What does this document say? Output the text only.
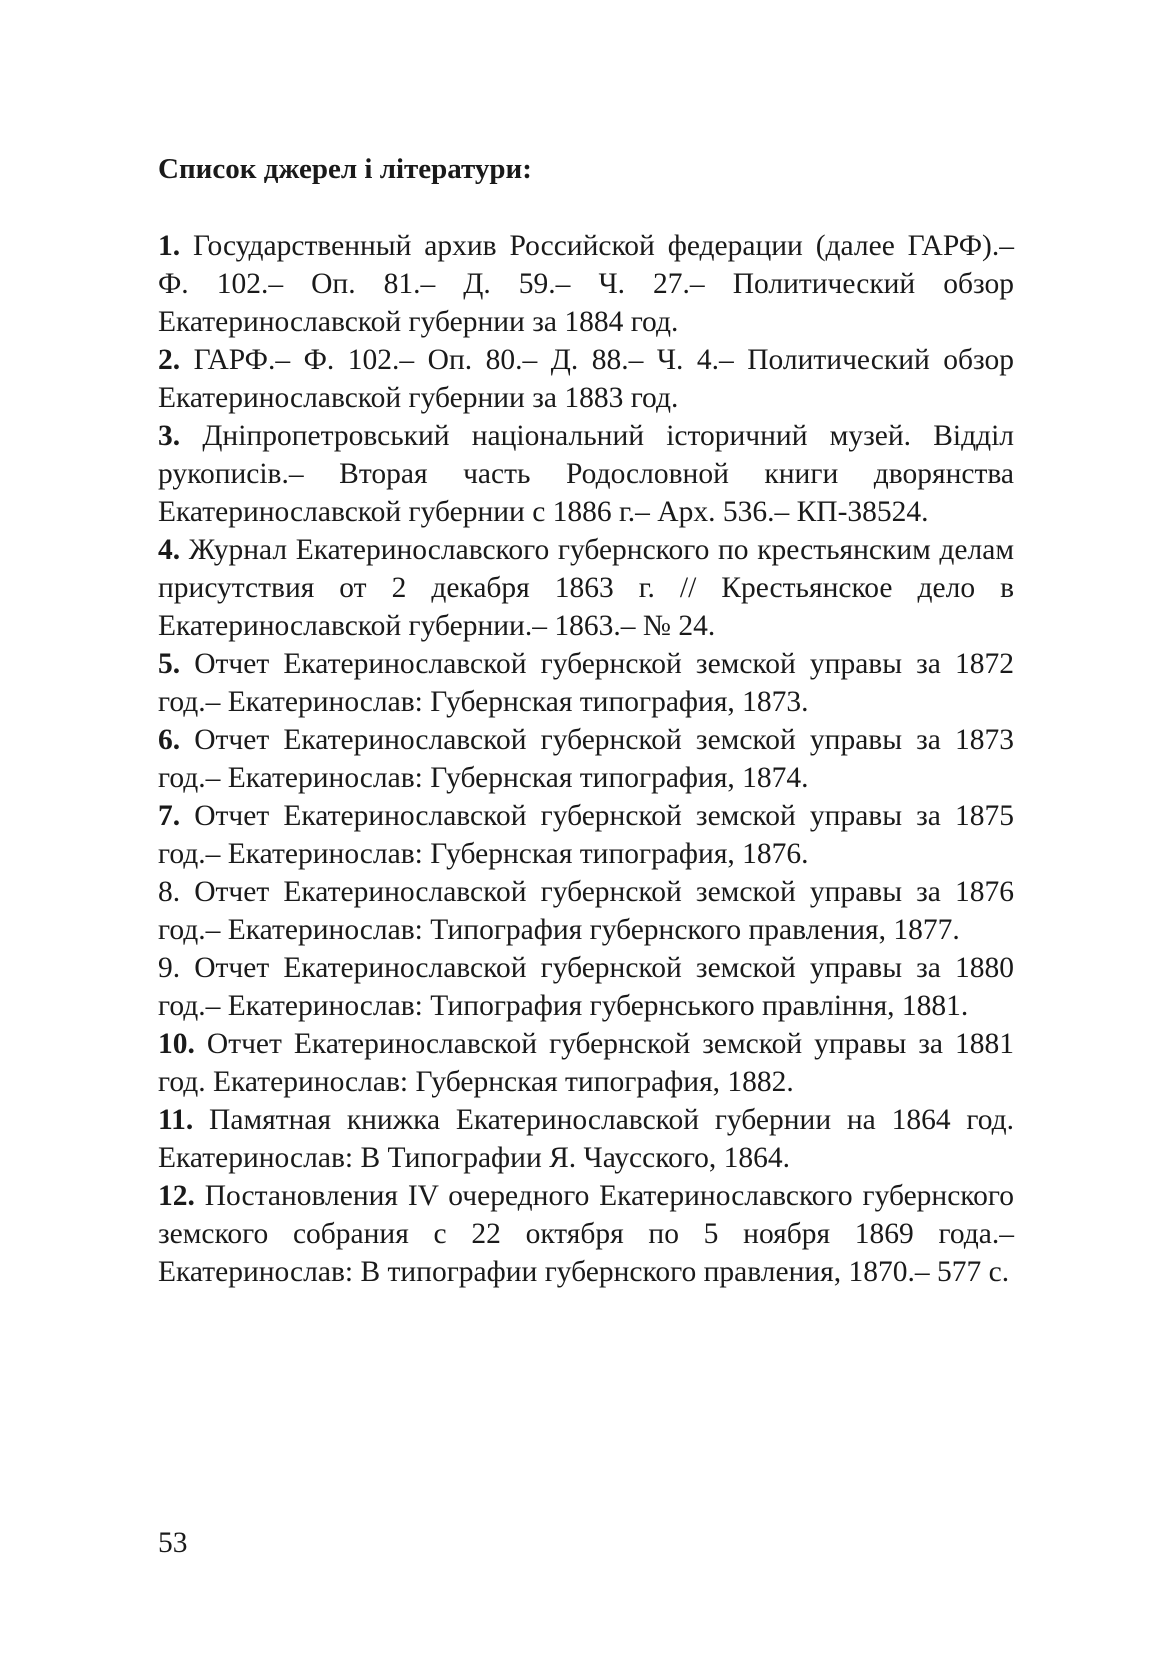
Список джерел і літератури:

1. Государственный архив Российской федерации (далее ГАРФ).– Ф. 102.– Оп. 81.– Д. 59.– Ч. 27.– Политический обзор Екатеринославской губернии за 1884 год.

2. ГАРФ.– Ф. 102.– Оп. 80.– Д. 88.– Ч. 4.– Политический обзор Екатеринославской губернии за 1883 год.

3. Дніпропетровський національний історичний музей. Відділ рукописів.– Вторая часть Родословной книги дворянства Екатеринославской губернии с 1886 г.– Арх. 536.– КП-38524.

4. Журнал Екатеринославского губернского по крестьянским делам присутствия от 2 декабря 1863 г. // Крестьянское дело в Екатеринославской губернии.– 1863.– № 24.

5. Отчет Екатеринославской губернской земской управы за 1872 год.– Екатеринослав: Губернская типография, 1873.

6. Отчет Екатеринославской губернской земской управы за 1873 год.– Екатеринослав: Губернская типография, 1874.

7. Отчет Екатеринославской губернской земской управы за 1875 год.– Екатеринослав: Губернская типография, 1876.

8. Отчет Екатеринославской губернской земской управы за 1876 год.– Екатеринослав: Типография губернского правления, 1877.

9. Отчет Екатеринославской губернской земской управы за 1880 год.– Екатеринослав: Типография губернського правління, 1881.

10. Отчет Екатеринославской губернской земской управы за 1881 год. Екатеринослав: Губернская типография, 1882.

11. Памятная книжка Екатеринославской губернии на 1864 год. Екатеринослав: В Типографии Я. Чаусского, 1864.

12. Постановления IV очередного Екатеринославского губернского земского собрания с 22 октября по 5 ноября 1869 года.– Екатеринослав: В типографии губернского правления, 1870.– 577 с.

53
